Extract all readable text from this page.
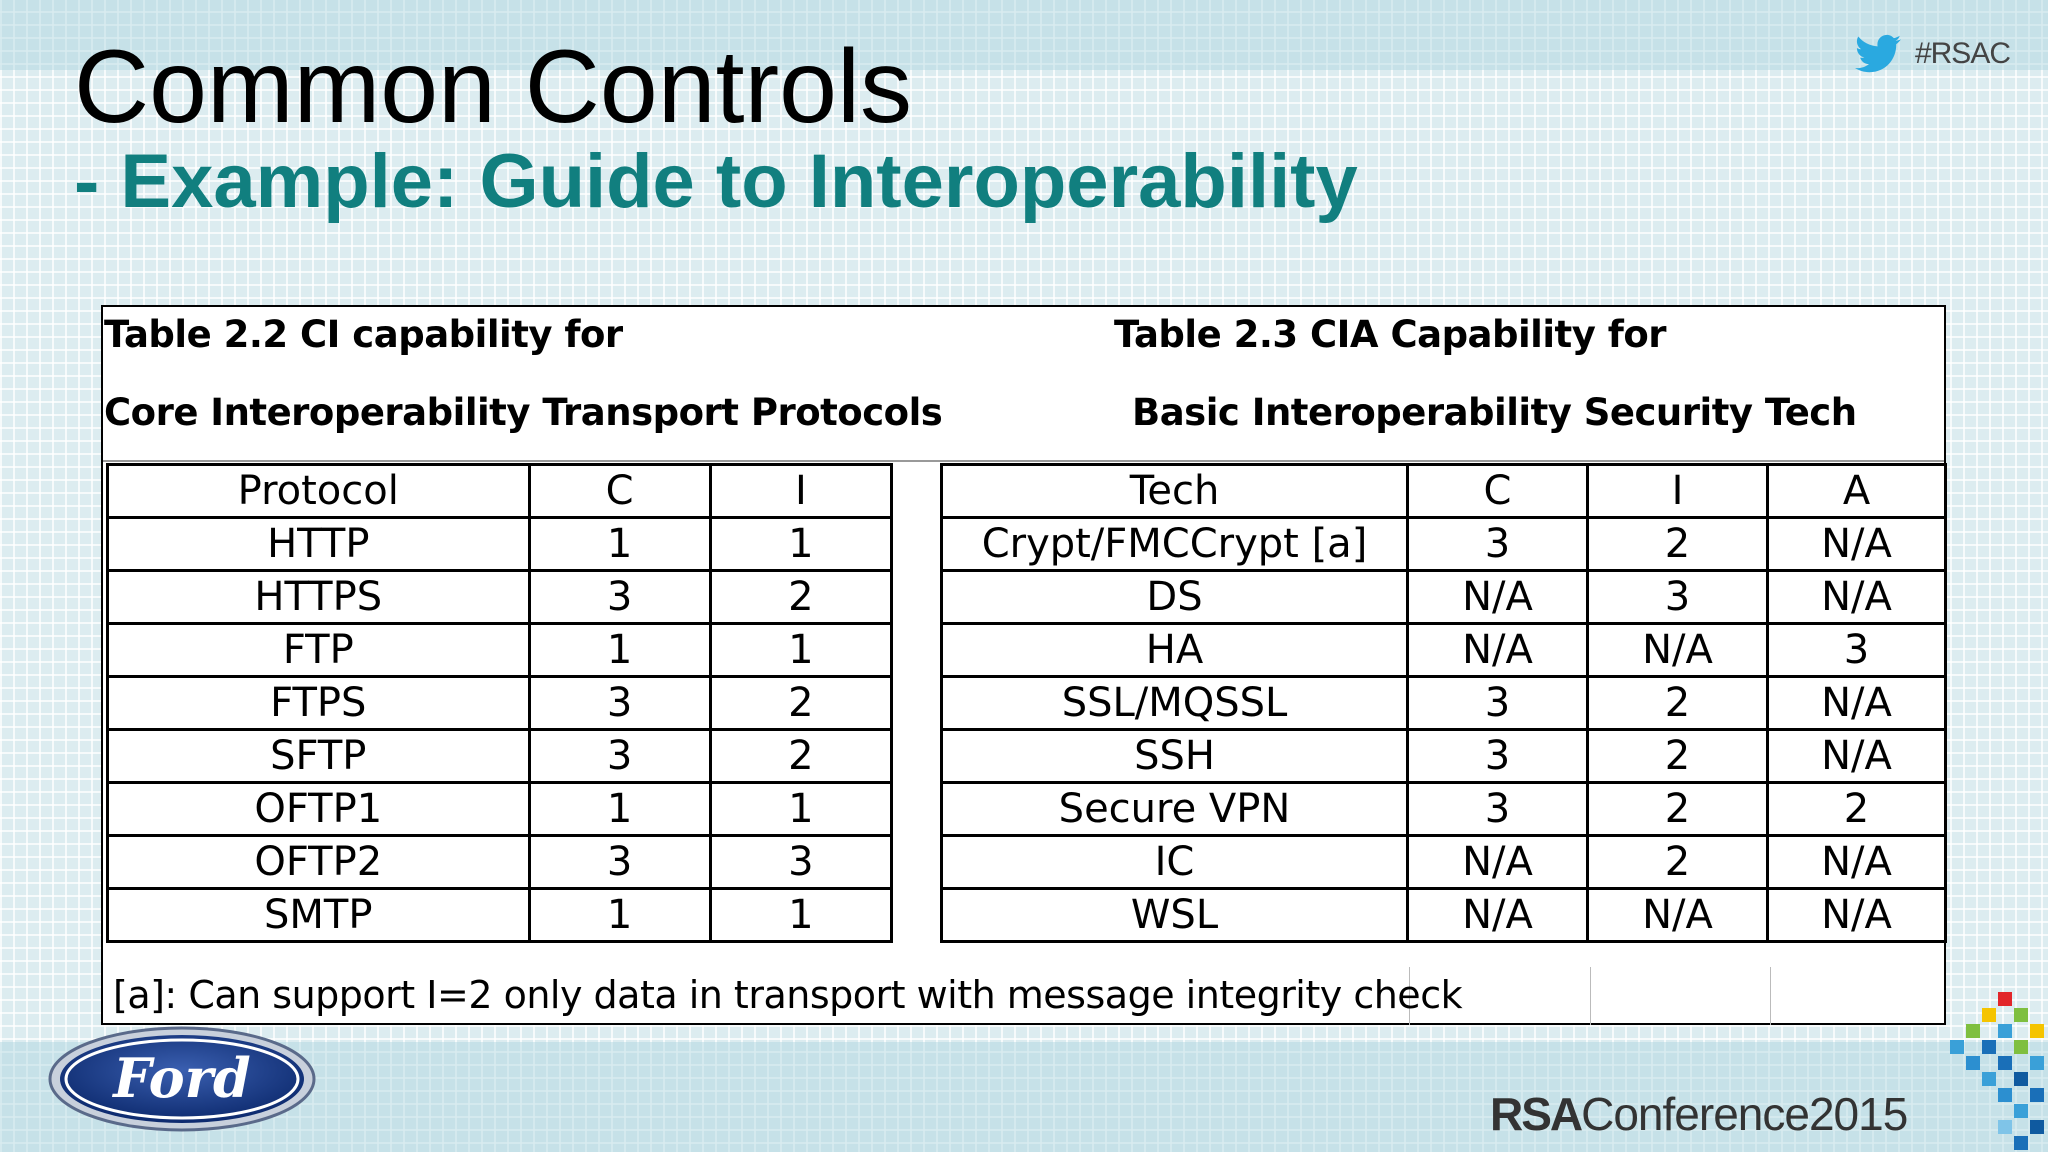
Common Controls
- Example: Guide to Interoperability
#RSAC
Table 2.2 CI capability for
Core Interoperability Transport Protocols
Table 2.3 CIA Capability for
Basic Interoperability Security Tech
Protocol	C	I
HTTP	1	1
HTTPS	3	2
FTP	1	1
FTPS	3	2
SFTP	3	2
OFTP1	1	1
OFTP2	3	3
SMTP	1	1
Tech	C	I	A
Crypt/FMCCrypt [a]	3	2	N/A
DS	N/A	3	N/A
HA	N/A	N/A	3
SSL/MQSSL	3	2	N/A
SSH	3	2	N/A
Secure VPN	3	2	2
IC	N/A	2	N/A
WSL	N/A	N/A	N/A
[a]: Can support I=2 only data in transport with message integrity check
Ford
RSAConference2015
